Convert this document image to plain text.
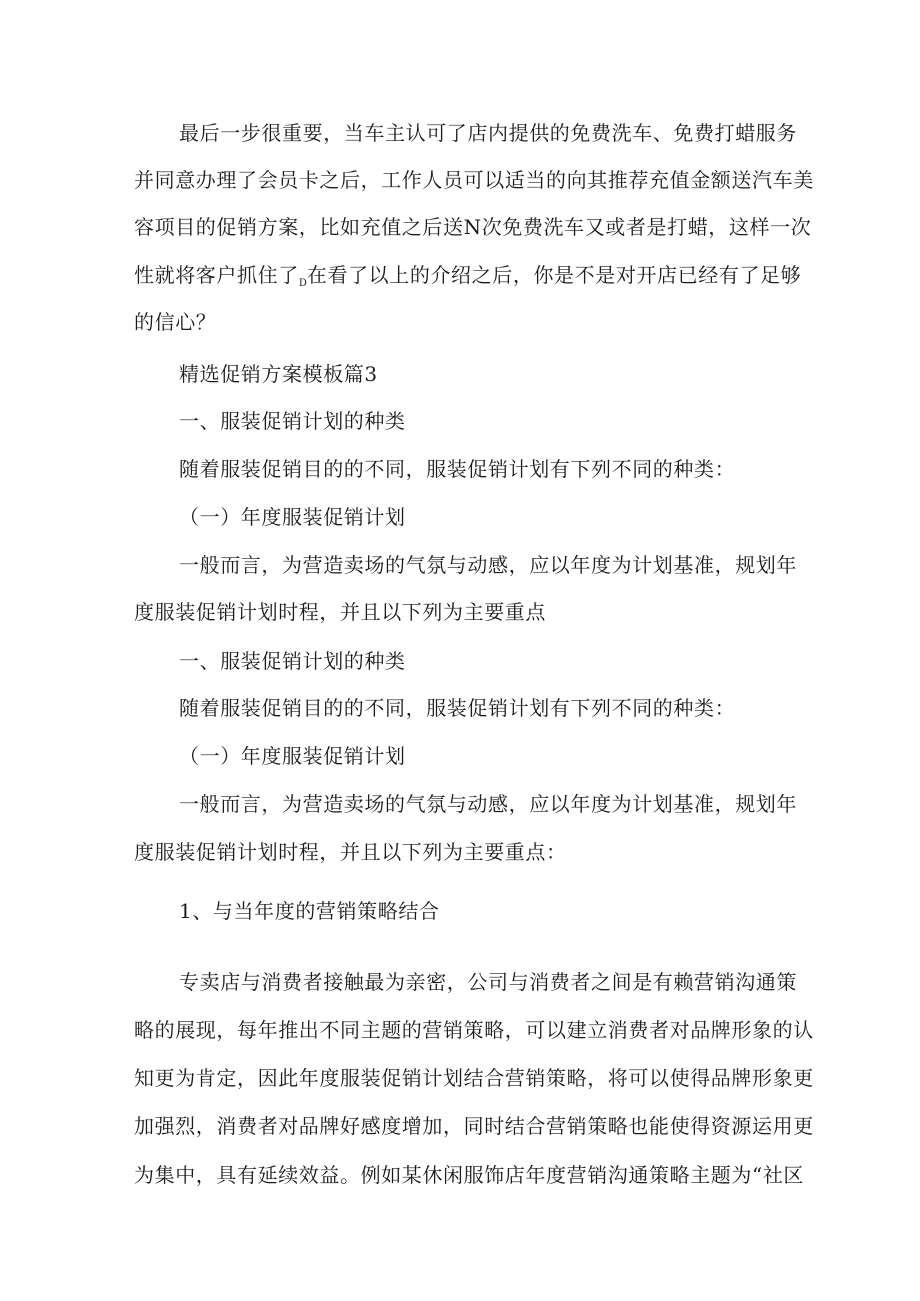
最后一步很重要，当车主认可了店内提供的免费洗车、免费打蜡服务
并同意办理了会员卡之后，工作人员可以适当的向其推荐充值金额送汽车美
容项目的促销方案，比如充值之后送N次免费洗车又或者是打蜡，这样一次
性就将客户抓住了$_D$在看了以上的介绍之后，你是不是对开店已经有了足够
的信心？
精选促销方案模板篇3
一、服装促销计划的种类
随着服装促销目的的不同，服装促销计划有下列不同的种类：
（一）年度服装促销计划
一般而言，为营造卖场的气氛与动感，应以年度为计划基准，规划年
度服装促销计划时程，并且以下列为主要重点
一、服装促销计划的种类
随着服装促销目的的不同，服装促销计划有下列不同的种类：
（一）年度服装促销计划
一般而言，为营造卖场的气氛与动感，应以年度为计划基准，规划年
度服装促销计划时程，并且以下列为主要重点：
1、与当年度的营销策略结合
专卖店与消费者接触最为亲密，公司与消费者之间是有赖营销沟通策
略的展现，每年推出不同主题的营销策略，可以建立消费者对品牌形象的认
知更为肯定，因此年度服装促销计划结合营销策略，将可以使得品牌形象更
加强烈，消费者对品牌好感度增加，同时结合营销策略也能使得资源运用更
为集中，具有延续效益。例如某休闲服饰店年度营销沟通策略主题为“社区
